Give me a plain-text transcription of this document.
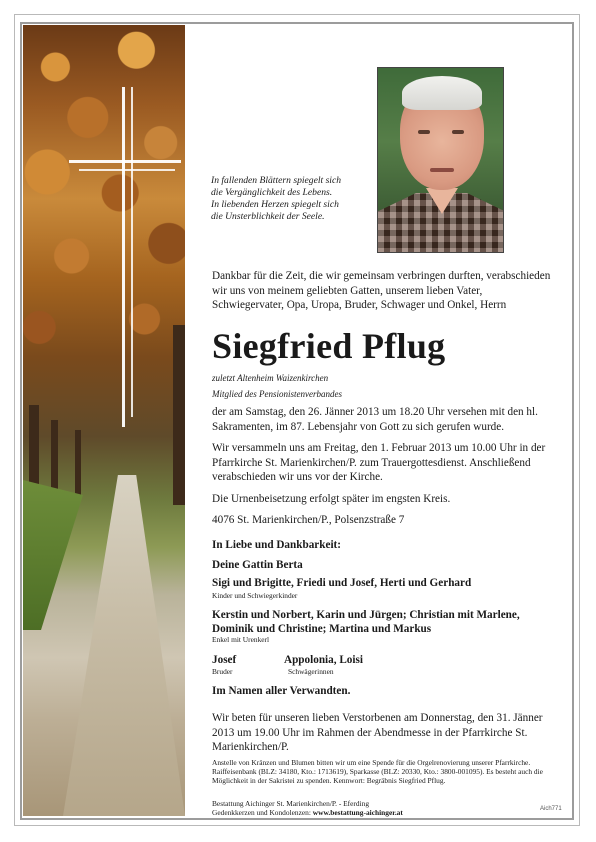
In fallenden Blättern spiegelt sich
die Vergänglichkeit des Lebens.
In liebenden Herzen spiegelt sich
die Unsterblichkeit der Seele.
Dankbar für die Zeit, die wir gemeinsam verbringen durften, verabschieden wir uns von meinem geliebten Gatten, unserem lieben Vater, Schwiegervater, Opa, Uropa, Bruder, Schwager und Onkel, Herrn
Siegfried Pflug
zuletzt Altenheim Waizenkirchen
Mitglied des Pensionistenverbandes
der am Samstag, den 26. Jänner 2013 um 18.20 Uhr versehen mit den hl. Sakramenten, im 87. Lebensjahr von Gott zu sich gerufen wurde.
Wir versammeln uns am Freitag, den 1. Februar 2013 um 10.00 Uhr in der Pfarrkirche St. Marienkirchen/P. zum Trauergottesdienst. Anschließend verabschieden wir uns vor der Kirche.
Die Urnenbeisetzung erfolgt später im engsten Kreis.
4076 St. Marienkirchen/P., Polsenzstraße 7
In Liebe und Dankbarkeit:
Deine Gattin Berta
Sigi und Brigitte, Friedi und Josef, Herti und Gerhard
Kinder und Schwiegerkinder
Kerstin und Norbert, Karin und Jürgen; Christian mit Marlene, Dominik und Christine; Martina und Markus
Enkel mit Urenkerl
Josef
Bruder
Appolonia, Loisi
Schwägerinnen
Im Namen aller Verwandten.
Wir beten für unseren lieben Verstorbenen am Donnerstag, den 31. Jänner 2013 um 19.00 Uhr im Rahmen der Abendmesse in der Pfarrkirche St. Marienkirchen/P.
Anstelle von Kränzen und Blumen bitten wir um eine Spende für die Orgelrenovierung unserer Pfarrkirche. Raiffeisenbank (BLZ: 34180, Kto.: 1713619), Sparkasse (BLZ: 20330, Kto.: 3800-001095). Es besteht auch die Möglichkeit in der Sakristei zu spenden. Kennwort: Begräbnis Siegfried Pflug.
Bestattung Aichinger St. Marienkirchen/P. - Eferding
Gedenkkerzen und Kondolenzen: www.bestattung-aichinger.at	Aich771
